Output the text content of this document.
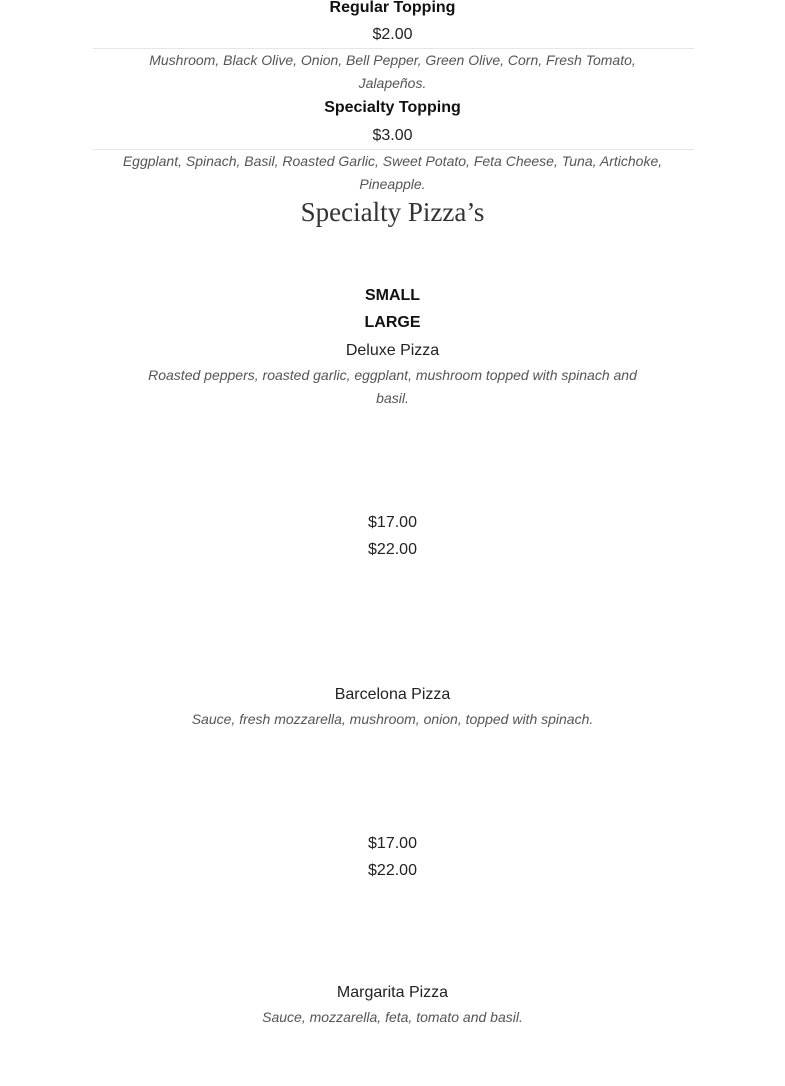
Regular Topping
$2.00
Mushroom, Black Olive, Onion, Bell Pepper, Green Olive, Corn, Fresh Tomato,
Jalapeños.
Specialty Topping
$3.00
Eggplant, Spinach, Basil, Roasted Garlic, Sweet Potato, Feta Cheese, Tuna, Artichoke,
Pineapple.
Specialty Pizza’s
SMALL
LARGE
Deluxe Pizza
Roasted peppers, roasted garlic, eggplant, mushroom topped with spinach and
basil.
$17.00
$22.00
Barcelona Pizza
Sauce, fresh mozzarella, mushroom, onion, topped with spinach.
$17.00
$22.00
Margarita Pizza
Sauce, mozzarella, feta, tomato and basil.
